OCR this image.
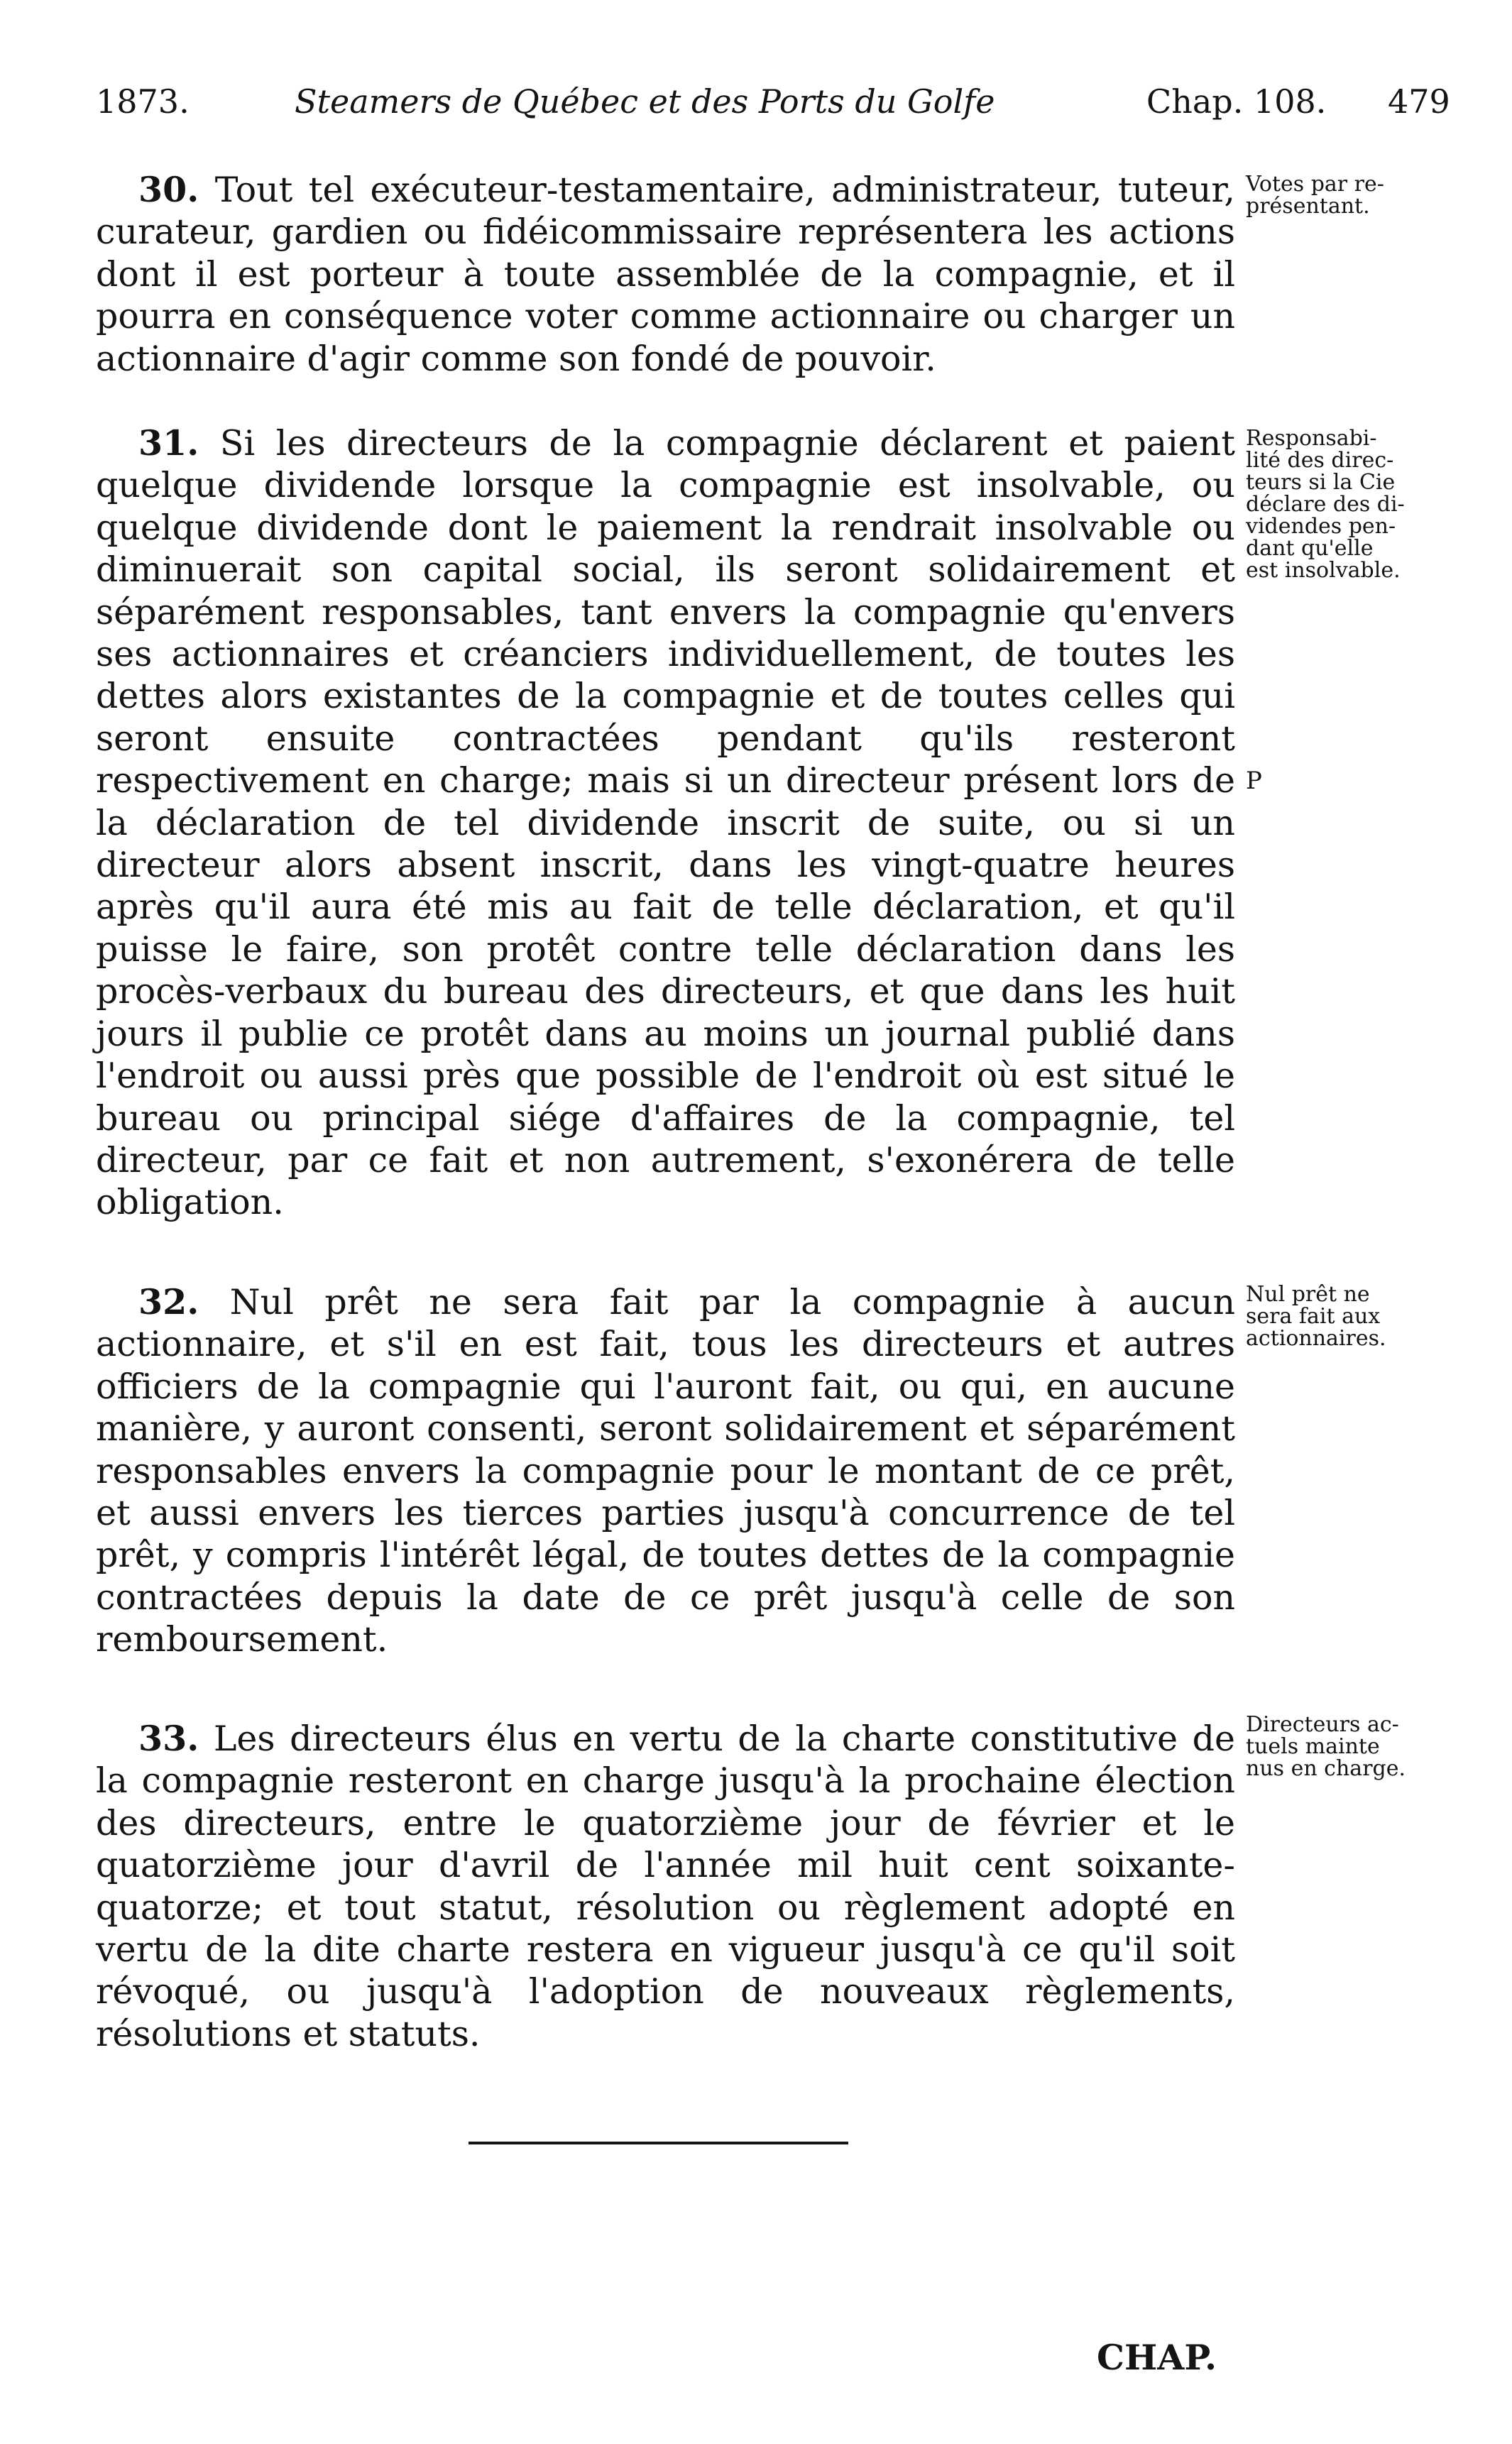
1873.	Steamers de Québec et des Ports du Golfe	Chap. 108. 479

30. Tout tel exécuteur-testamentaire, administrateur, tuteur, curateur, gardien ou fidéicommissaire représentera les actions dont il est porteur à toute assemblée de la compagnie, et il pourra en conséquence voter comme actionnaire ou charger un actionnaire d'agir comme son fondé de pouvoir.

Votes par re-
présentant.

31. Si les directeurs de la compagnie déclarent et paient quelque dividende lorsque la compagnie est insolvable, ou quelque dividende dont le paiement la rendrait insolvable ou diminuerait son capital social, ils seront solidairement et séparément responsables, tant envers la compagnie qu'envers ses actionnaires et créanciers individuellement, de toutes les dettes alors existantes de la compagnie et de toutes celles qui seront ensuite contractées pendant qu'ils resteront respectivement en charge; mais si un directeur présent lors de la déclaration de tel dividende inscrit de suite, ou si un directeur alors absent inscrit, dans les vingt-quatre heures après qu'il aura été mis au fait de telle déclaration, et qu'il puisse le faire, son protêt contre telle déclaration dans les procès-verbaux du bureau des directeurs, et que dans les huit jours il publie ce protêt dans au moins un journal publié dans l'endroit ou aussi près que possible de l'endroit où est situé le bureau ou principal siége d'affaires de la compagnie, tel directeur, par ce fait et non autrement, s'exonérera de telle obligation.

Responsabi-
lité des direc-
teurs si la Cie
déclare des di-
videndes pen-
dant qu'elle
est insolvable.
P

32. Nul prêt ne sera fait par la compagnie à aucun actionnaire, et s'il en est fait, tous les directeurs et autres officiers de la compagnie qui l'auront fait, ou qui, en aucune manière, y auront consenti, seront solidairement et séparément responsables envers la compagnie pour le montant de ce prêt, et aussi envers les tierces parties jusqu'à concurrence de tel prêt, y compris l'intérêt légal, de toutes dettes de la compagnie contractées depuis la date de ce prêt jusqu'à celle de son remboursement.

Nul prêt ne
sera fait aux
actionnaires.

33. Les directeurs élus en vertu de la charte constitutive de la compagnie resteront en charge jusqu'à la prochaine élection des directeurs, entre le quatorzième jour de février et le quatorzième jour d'avril de l'année mil huit cent soixante-quatorze; et tout statut, résolution ou règlement adopté en vertu de la dite charte restera en vigueur jusqu'à ce qu'il soit révoqué, ou jusqu'à l'adoption de nouveaux règlements, résolutions et statuts.

Directeurs ac-
tuels mainte
nus en charge.
CHAP.
